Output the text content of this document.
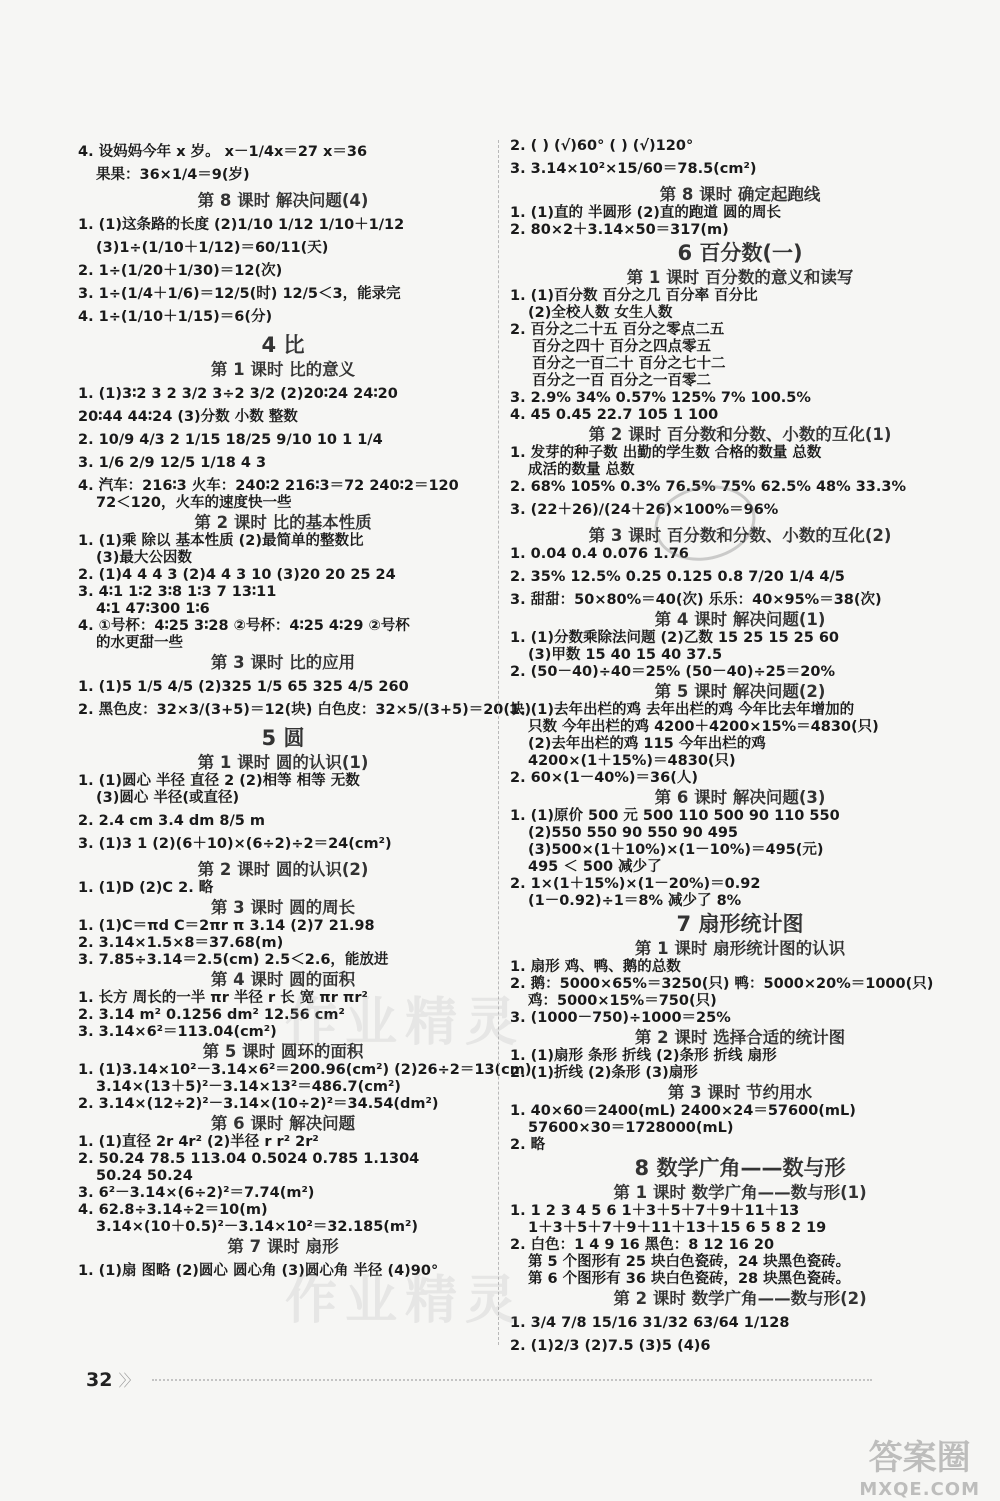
4. 设妈妈今年 x 岁。 x－1/4x＝27 x＝36
果果：36×1/4＝9(岁)
第 8 课时 解决问题(4)
1. (1)这条路的长度 (2)1/10 1/12 1/10＋1/12
(3)1÷(1/10＋1/12)＝60/11(天)
2. 1÷(1/20＋1/30)＝12(次)
3. 1÷(1/4＋1/6)＝12/5(时) 12/5＜3，能录完
4. 1÷(1/10＋1/15)＝6(分)
4 比
第 1 课时 比的意义
1. (1)3∶2 3 2 3/2 3÷2 3/2 (2)20∶24 24∶20
20∶44 44∶24 (3)分数 小数 整数
2. 10/9 4/3 2 1/15 18/25 9/10 10 1 1/4
3. 1/6 2/9 12/5 1/18 4 3
4. 汽车：216∶3 火车：240∶2 216∶3＝72 240∶2＝120
72＜120，火车的速度快一些
第 2 课时 比的基本性质
1. (1)乘 除以 基本性质 (2)最简单的整数比
(3)最大公因数
2. (1)4 4 4 3 (2)4 4 3 10 (3)20 20 25 24
3. 4∶1 1∶2 3∶8 1∶3 7 13∶11
4∶1 47∶300 1∶6
4. ①号杯：4∶25 3∶28 ②号杯：4∶25 4∶29 ②号杯
的水更甜一些
第 3 课时 比的应用
1. (1)5 1/5 4/5 (2)325 1/5 65 325 4/5 260
2. 黑色皮：32×3/(3+5)＝12(块) 白色皮：32×5/(3+5)＝20(块)
5 圆
第 1 课时 圆的认识(1)
1. (1)圆心 半径 直径 2 (2)相等 相等 无数
(3)圆心 半径(或直径)
2. 2.4 cm 3.4 dm 8/5 m
3. (1)3 1 (2)(6＋10)×(6÷2)÷2＝24(cm²)
第 2 课时 圆的认识(2)
1. (1)D (2)C 2. 略
第 3 课时 圆的周长
1. (1)C＝πd C＝2πr π 3.14 (2)7 21.98
2. 3.14×1.5×8＝37.68(m)
3. 7.85÷3.14＝2.5(cm) 2.5＜2.6，能放进
第 4 课时 圆的面积
1. 长方 周长的一半 πr 半径 r 长 宽 πr πr²
2. 3.14 m² 0.1256 dm² 12.56 cm²
3. 3.14×6²＝113.04(cm²)
第 5 课时 圆环的面积
1. (1)3.14×10²－3.14×6²＝200.96(cm²) (2)26÷2＝13(cm)
3.14×(13＋5)²－3.14×13²＝486.7(cm²)
2. 3.14×(12÷2)²－3.14×(10÷2)²＝34.54(dm²)
第 6 课时 解决问题
1. (1)直径 2r 4r² (2)半径 r r² 2r²
2. 50.24 78.5 113.04 0.5024 0.785 1.1304
50.24 50.24
3. 6²－3.14×(6÷2)²＝7.74(m²)
4. 62.8÷3.14÷2＝10(m)
3.14×(10＋0.5)²－3.14×10²＝32.185(m²)
第 7 课时 扇形
1. (1)扇 图略 (2)圆心 圆心角 (3)圆心角 半径 (4)90°
2. ( ) (√)60° ( ) (√)120°
3. 3.14×10²×15/60＝78.5(cm²)
第 8 课时 确定起跑线
1. (1)直的 半圆形 (2)直的跑道 圆的周长
2. 80×2＋3.14×50＝317(m)
6 百分数(一)
第 1 课时 百分数的意义和读写
1. (1)百分数 百分之几 百分率 百分比
(2)全校人数 女生人数
2. 百分之二十五 百分之零点二五
百分之四十 百分之四点零五
百分之一百二十 百分之七十二
百分之一百 百分之一百零二
3. 2.9% 34% 0.57% 125% 7% 100.5%
4. 45 0.45 22.7 105 1 100
第 2 课时 百分数和分数、小数的互化(1)
1. 发芽的种子数 出勤的学生数 合格的数量 总数
成活的数量 总数
2. 68% 105% 0.3% 76.5% 75% 62.5% 48% 33.3%
3. (22＋26)/(24＋26)×100%＝96%
第 3 课时 百分数和分数、小数的互化(2)
1. 0.04 0.4 0.076 1.76
2. 35% 12.5% 0.25 0.125 0.8 7/20 1/4 4/5
3. 甜甜：50×80%＝40(次) 乐乐：40×95%＝38(次)
第 4 课时 解决问题(1)
1. (1)分数乘除法问题 (2)乙数 15 25 15 25 60
(3)甲数 15 40 15 40 37.5
2. (50－40)÷40＝25% (50－40)÷25＝20%
第 5 课时 解决问题(2)
1. (1)去年出栏的鸡 去年出栏的鸡 今年比去年增加的
只数 今年出栏的鸡 4200＋4200×15%＝4830(只)
(2)去年出栏的鸡 115 今年出栏的鸡
4200×(1＋15%)＝4830(只)
2. 60×(1－40%)＝36(人)
第 6 课时 解决问题(3)
1. (1)原价 500 元 500 110 500 90 110 550
(2)550 550 90 550 90 495
(3)500×(1＋10%)×(1－10%)＝495(元)
495 ＜ 500 减少了
2. 1×(1＋15%)×(1－20%)＝0.92
(1－0.92)÷1＝8% 减少了 8%
7 扇形统计图
第 1 课时 扇形统计图的认识
1. 扇形 鸡、鸭、鹅的总数
2. 鹅：5000×65%＝3250(只) 鸭：5000×20%＝1000(只)
鸡：5000×15%＝750(只)
3. (1000－750)÷1000＝25%
第 2 课时 选择合适的统计图
1. (1)扇形 条形 折线 (2)条形 折线 扇形
2. (1)折线 (2)条形 (3)扇形
第 3 课时 节约用水
1. 40×60＝2400(mL) 2400×24＝57600(mL)
57600×30＝1728000(mL)
2. 略
8 数学广角——数与形
第 1 课时 数学广角——数与形(1)
1. 1 2 3 4 5 6 1＋3＋5＋7＋9＋11＋13
1＋3＋5＋7＋9＋11＋13＋15 6 5 8 2 19
2. 白色：1 4 9 16 黑色：8 12 16 20
第 5 个图形有 25 块白色瓷砖，24 块黑色瓷砖。
第 6 个图形有 36 块白色瓷砖，28 块黑色瓷砖。
第 2 课时 数学广角——数与形(2)
1. 3/4 7/8 15/16 31/32 63/64 1/128
2. (1)2/3 (2)7.5 (3)5 (4)6
作业精灵
作业精灵
32 〉〉
答案圈
MXQE.COM
